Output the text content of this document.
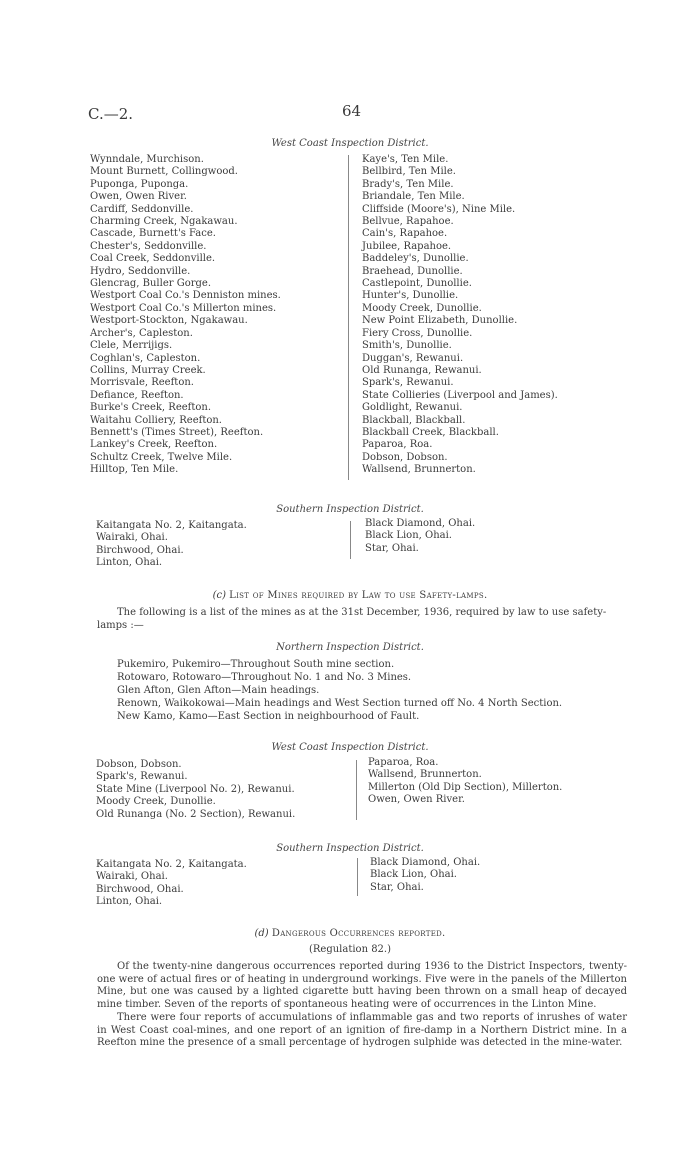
C.—2.	64
West Coast Inspection District.
Wynndale, Murchison.
Mount Burnett, Collingwood.
Puponga, Puponga.
Owen, Owen River.
Cardiff, Seddonville.
Charming Creek, Ngakawau.
Cascade, Burnett's Face.
Chester's, Seddonville.
Coal Creek, Seddonville.
Hydro, Seddonville.
Glencrag, Buller Gorge.
Westport Coal Co.'s Denniston mines.
Westport Coal Co.'s Millerton mines.
Westport-Stockton, Ngakawau.
Archer's, Capleston.
Clele, Merrijigs.
Coghlan's, Capleston.
Collins, Murray Creek.
Morrisvale, Reefton.
Defiance, Reefton.
Burke's Creek, Reefton.
Waitahu Colliery, Reefton.
Bennett's (Times Street), Reefton.
Lankey's Creek, Reefton.
Schultz Creek, Twelve Mile.
Hilltop, Ten Mile.
Kaye's, Ten Mile.
Bellbird, Ten Mile.
Brady's, Ten Mile.
Briandale, Ten Mile.
Cliffside (Moore's), Nine Mile.
Bellvue, Rapahoe.
Cain's, Rapahoe.
Jubilee, Rapahoe.
Baddeley's, Dunollie.
Braehead, Dunollie.
Castlepoint, Dunollie.
Hunter's, Dunollie.
Moody Creek, Dunollie.
New Point Elizabeth, Dunollie.
Fiery Cross, Dunollie.
Smith's, Dunollie.
Duggan's, Rewanui.
Old Runanga, Rewanui.
Spark's, Rewanui.
State Collieries (Liverpool and James).
Goldlight, Rewanui.
Blackball, Blackball.
Blackball Creek, Blackball.
Paparoa, Roa.
Dobson, Dobson.
Wallsend, Brunnerton.
Southern Inspection District.
Kaitangata No. 2, Kaitangata.
Wairaki, Ohai.
Birchwood, Ohai.
Linton, Ohai.
Black Diamond, Ohai.
Black Lion, Ohai.
Star, Ohai.
(c) List of Mines required by Law to use Safety-lamps.
The following is a list of the mines as at the 31st December, 1936, required by law to use safety-lamps :—
Northern Inspection District.
Pukemiro, Pukemiro—Throughout South mine section.
Rotowaro, Rotowaro—Throughout No. 1 and No. 3 Mines.
Glen Afton, Glen Afton—Main headings.
Renown, Waikokowai—Main headings and West Section turned off No. 4 North Section.
New Kamo, Kamo—East Section in neighbourhood of Fault.
West Coast Inspection District.
Dobson, Dobson.
Spark's, Rewanui.
State Mine (Liverpool No. 2), Rewanui.
Moody Creek, Dunollie.
Old Runanga (No. 2 Section), Rewanui.
Paparoa, Roa.
Wallsend, Brunnerton.
Millerton (Old Dip Section), Millerton.
Owen, Owen River.
Southern Inspection District.
Kaitangata No. 2, Kaitangata.
Wairaki, Ohai.
Birchwood, Ohai.
Linton, Ohai.
Black Diamond, Ohai.
Black Lion, Ohai.
Star, Ohai.
(d) Dangerous Occurrences reported.
(Regulation 82.)
Of the twenty-nine dangerous occurrences reported during 1936 to the District Inspectors, twenty-one were of actual fires or of heating in underground workings. Five were in the panels of the Millerton Mine, but one was caused by a lighted cigarette butt having been thrown on a small heap of decayed mine timber. Seven of the reports of spontaneous heating were of occurrences in the Linton Mine.
There were four reports of accumulations of inflammable gas and two reports of inrushes of water in West Coast coal-mines, and one report of an ignition of fire-damp in a Northern District mine. In a Reefton mine the presence of a small percentage of hydrogen sulphide was detected in the mine-water.
